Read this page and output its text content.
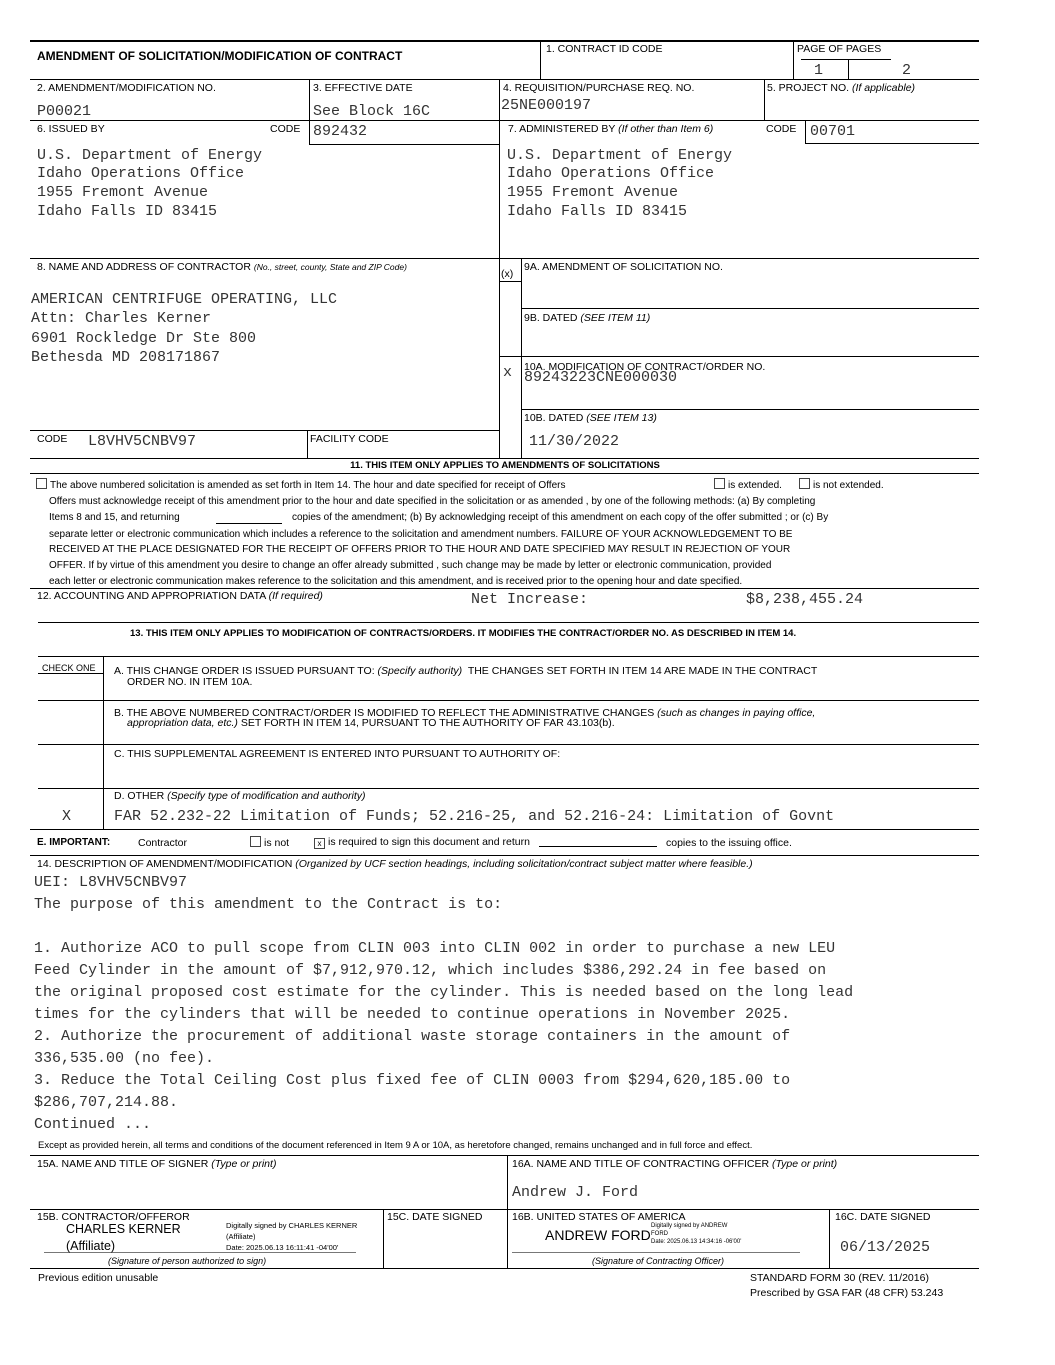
AMENDMENT OF SOLICITATION/MODIFICATION OF CONTRACT	1. CONTRACT ID CODE	PAGE OF PAGES
1	2
2. AMENDMENT/MODIFICATION NO.
P00021
3. EFFECTIVE DATE
See Block 16C
4. REQUISITION/PURCHASE REQ. NO.
25NE000197
5. PROJECT NO. (If applicable)
6. ISSUED BY	CODE 892432
U.S. Department of Energy
Idaho Operations Office
1955 Fremont Avenue
Idaho Falls ID 83415
7. ADMINISTERED BY (If other than Item 6)	CODE 00701
U.S. Department of Energy
Idaho Operations Office
1955 Fremont Avenue
Idaho Falls ID 83415
8. NAME AND ADDRESS OF CONTRACTOR (No., street, county, State and ZIP Code)
AMERICAN CENTRIFUGE OPERATING, LLC
Attn: Charles Kerner
6901 Rockledge Dr Ste 800
Bethesda MD 208171867
CODE L8VHV5CNBV97	FACILITY CODE
(x)
9A. AMENDMENT OF SOLICITATION NO.
9B. DATED (SEE ITEM 11)
x 10A. MODIFICATION OF CONTRACT/ORDER NO.
89243223CNE000030
10B. DATED (SEE ITEM 13)
11/30/2022
11. THIS ITEM ONLY APPLIES TO AMENDMENTS OF SOLICITATIONS
The above numbered solicitation is amended as set forth in Item 14. The hour and date specified for receipt of Offers	is extended.	is not extended.
Offers must acknowledge receipt of this amendment prior to the hour and date specified in the solicitation or as amended , by one of the following methods: (a) By completing
Items 8 and 15, and returning	copies of the amendment; (b) By acknowledging receipt of this amendment on each copy of the offer submitted ; or (c) By
separate letter or electronic communication which includes a reference to the solicitation and amendment numbers. FAILURE OF YOUR ACKNOWLEDGEMENT TO BE
RECEIVED AT THE PLACE DESIGNATED FOR THE RECEIPT OF OFFERS PRIOR TO THE HOUR AND DATE SPECIFIED MAY RESULT IN REJECTION OF YOUR
OFFER. If by virtue of this amendment you desire to change an offer already submitted , such change may be made by letter or electronic communication, provided
each letter or electronic communication makes reference to the solicitation and this amendment, and is received prior to the opening hour and date specified.
12. ACCOUNTING AND APPROPRIATION DATA (If required)	Net Increase:	$8,238,455.24
13. THIS ITEM ONLY APPLIES TO MODIFICATION OF CONTRACTS/ORDERS. IT MODIFIES THE CONTRACT/ORDER NO. AS DESCRIBED IN ITEM 14.
CHECK ONE A. THIS CHANGE ORDER IS ISSUED PURSUANT TO: (Specify authority) THE CHANGES SET FORTH IN ITEM 14 ARE MADE IN THE CONTRACT
ORDER NO. IN ITEM 10A.
B. THE ABOVE NUMBERED CONTRACT/ORDER IS MODIFIED TO REFLECT THE ADMINISTRATIVE CHANGES (such as changes in paying office,
appropriation data, etc.) SET FORTH IN ITEM 14, PURSUANT TO THE AUTHORITY OF FAR 43.103(b).
C. THIS SUPPLEMENTAL AGREEMENT IS ENTERED INTO PURSUANT TO AUTHORITY OF:
D. OTHER (Specify type of modification and authority)
X	FAR 52.232-22 Limitation of Funds; 52.216-25, and 52.216-24: Limitation of Govnt
E. IMPORTANT:	Contractor	is not	x is required to sign this document and return	copies to the issuing office.
14. DESCRIPTION OF AMENDMENT/MODIFICATION (Organized by UCF section headings, including solicitation/contract subject matter where feasible.)
UEI: L8VHV5CNBV97
The purpose of this amendment to the Contract is to:
1. Authorize ACO to pull scope from CLIN 003 into CLIN 002 in order to purchase a new LEU
Feed Cylinder in the amount of $7,912,970.12, which includes $386,292.24 in fee based on
the original proposed cost estimate for the cylinder. This is needed based on the long lead
times for the cylinders that will be needed to continue operations in November 2025.
2. Authorize the procurement of additional waste storage containers in the amount of
336,535.00 (no fee).
3. Reduce the Total Ceiling Cost plus fixed fee of CLIN 0003 from $294,620,185.00 to
$286,707,214.88.
Continued ...
Except as provided herein, all terms and conditions of the document referenced in Item 9 A or 10A, as heretofore changed, remains unchanged and in full force and effect.
15A. NAME AND TITLE OF SIGNER (Type or print)	16A. NAME AND TITLE OF CONTRACTING OFFICER (Type or print)
Andrew J. Ford
15B. CONTRACTOR/OFFEROR
CHARLES KERNER
(Affiliate)
Digitally signed by CHARLES KERNER
(Affiliate)
Date: 2025.06.13 16:11:41 -04'00'
(Signature of person authorized to sign)
15C. DATE SIGNED	16B. UNITED STATES OF AMERICA
ANDREW FORD
Digitally signed by ANDREW
FORD
Date: 2025.06.13 14:34:16 -06'00'
(Signature of Contracting Officer)
16C. DATE SIGNED
06/13/2025
Previous edition unusable	STANDARD FORM 30 (REV. 11/2016)
Prescribed by GSA FAR (48 CFR) 53.243
